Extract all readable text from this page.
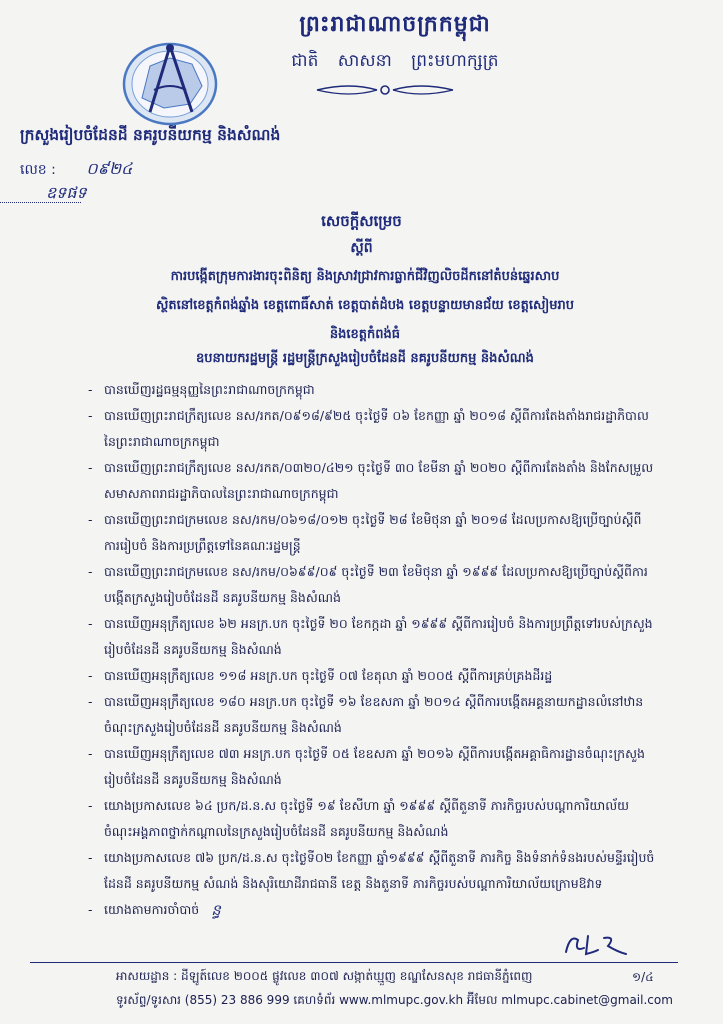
ព្រះរាជាណាចក្រកម្ពុជា
ជាតិ សាសនា ព្រះមហាក្សត្រ
ក្រសួងរៀបចំដែនដី នគរូបនីយកម្ម និងសំណង់
លេខ : ០៩២៤ ឧទផទ
សេចក្តីសម្រេច
ស្តីពី
ការបង្កើតក្រុមការងារចុះពិនិត្យ និងស្រាវជ្រាវការធ្លាក់ជីវិញលិចដីកនៅតំបន់ឆ្នេរសាប
ស្ថិតនៅខេត្តកំពង់ឆ្នាំង ខេត្តពោធិ៍សាត់ ខេត្តបាត់ដំបង ខេត្តបន្ទាយមានជ័យ ខេត្តសៀមរាប
និងខេត្តកំពង់ធំ
ឧបនាយករដ្ឋមន្ត្រី រដ្ឋមន្ត្រីក្រសួងរៀបចំដែនដី នគរូបនីយកម្ម និងសំណង់
- បានឃើញរដ្ឋធម្មនុញ្ញនៃព្រះរាជាណាចក្រកម្ពុជា
- បានឃើញព្រះរាជក្រឹត្យលេខ នស/រកត/០៩១៨/៩២៥ ចុះថ្ងៃទី ០៦ ខែកញ្ញា ឆ្នាំ ២០១៨ ស្តីពីការតែងតាំងរាជរដ្ឋាភិបាលនៃព្រះរាជាណាចក្រកម្ពុជា
- បានឃើញព្រះរាជក្រឹត្យលេខ នស/រកត/០៣២០/៤២១ ចុះថ្ងៃទី ៣០ ខែមីនា ឆ្នាំ ២០២០ ស្តីពីការតែងតាំង និងកែសម្រួលសមាសភាពរាជរដ្ឋាភិបាលនៃព្រះរាជាណាចក្រកម្ពុជា
- បានឃើញព្រះរាជក្រមលេខ នស/រកម/០៦១៨/០១២ ចុះថ្ងៃទី ២៨ ខែមិថុនា ឆ្នាំ ២០១៨ ដែលប្រកាសឱ្យប្រើច្បាប់ស្តីពីការរៀបចំ និងការប្រព្រឹត្តទៅនៃគណៈរដ្ឋមន្ត្រី
- បានឃើញព្រះរាជក្រមលេខ នស/រកម/០៦៩៩/០៩ ចុះថ្ងៃទី ២៣ ខែមិថុនា ឆ្នាំ ១៩៩៩ ដែលប្រកាសឱ្យប្រើច្បាប់ស្តីពីការបង្កើតក្រសួងរៀបចំដែនដី នគរូបនីយកម្ម និងសំណង់
- បានឃើញអនុក្រឹត្យលេខ ៦២ អនក្រ.បក ចុះថ្ងៃទី ២០ ខែកក្កដា ឆ្នាំ ១៩៩៩ ស្តីពីការរៀបចំ និងការប្រព្រឹត្តទៅរបស់ក្រសួងរៀបចំដែនដី នគរូបនីយកម្ម និងសំណង់
- បានឃើញអនុក្រឹត្យលេខ ១១៨ អនក្រ.បក ចុះថ្ងៃទី ០៧ ខែតុលា ឆ្នាំ ២០០៥ ស្តីពីការគ្រប់គ្រងដីរដ្ឋ
- បានឃើញអនុក្រឹត្យលេខ ១៨០ អនក្រ.បក ចុះថ្ងៃទី ១៦ ខែឧសភា ឆ្នាំ ២០១៤ ស្តីពីការបង្កើតអគ្គនាយកដ្ឋានលំនៅឋានចំណុះក្រសួងរៀបចំដែនដី នគរូបនីយកម្ម និងសំណង់
- បានឃើញអនុក្រឹត្យលេខ ៧៣ អនក្រ.បក ចុះថ្ងៃទី ០៥ ខែឧសភា ឆ្នាំ ២០១៦ ស្តីពីការបង្កើតអគ្គាធិការដ្ឋានចំណុះក្រសួងរៀបចំដែនដី នគរូបនីយកម្ម និងសំណង់
- យោងប្រកាសលេខ ៦៤ ប្រក/ដ.ន.ស ចុះថ្ងៃទី ១៩ ខែសីហា ឆ្នាំ ១៩៩៩ ស្តីពីតួនាទី ភារកិច្ចរបស់បណ្តាការិយាល័យចំណុះអង្គភាពថ្នាក់កណ្តាលនៃក្រសួងរៀបចំដែនដី នគរូបនីយកម្ម និងសំណង់
- យោងប្រកាសលេខ ៧៦ ប្រក/ដ.ន.ស ចុះថ្ងៃទី០២ ខែកញ្ញា ឆ្នាំ១៩៩៩ ស្តីពីតួនាទី ភារកិច្ច និងទំនាក់ទំនងរបស់មន្ទីររៀបចំដែនដី នគរូបនីយកម្ម សំណង់ និងសុរិយោដីរាជធានី ខេត្ត និងតួនាទី ភារកិច្ចរបស់បណ្តាការិយាល័យក្រោមឱវាទ
- យោងតាមការចាំបាច់ ន្ធ
អាសយដ្ឋាន : ដីឡូត៍លេខ ២០០៥ ផ្លូវលេខ ៣០៧ សង្កាត់ឃ្មួញ ខណ្ឌសែនសុខ រាជធានីភ្នំពេញ	១/៤
ទូរស័ព្ទ/ទូរសារ (855) 23 886 999 គេហទំព័រ www.mlmupc.gov.kh អ៊ីមែល mlmupc.cabinet@gmail.com
